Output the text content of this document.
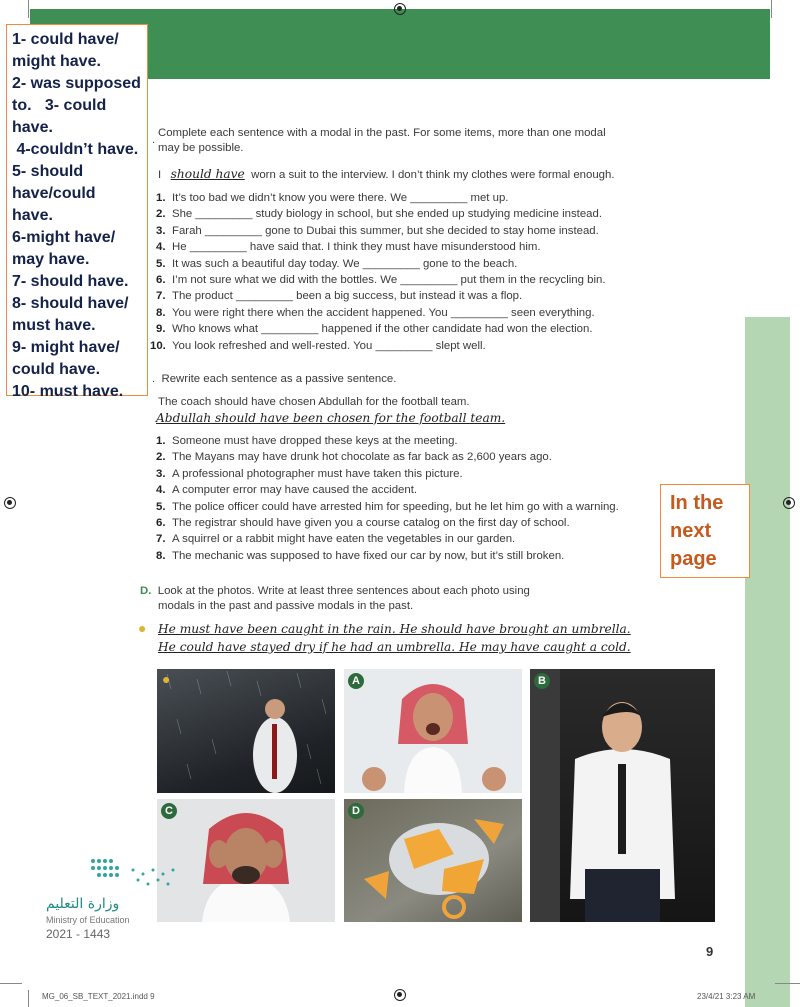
1- could have/
might have.
2- was supposed
to.   3- could
have.
4-couldn’t have.
5- should
have/could
have.
6-might have/
may have.
7- should have.
8- should have/
must have.
9- might have/
could have.
10- must have.
Complete each sentence with a modal in the past. For some items, more than one modal
may be possible.
.
I should have worn a suit to the interview. I don’t think my clothes were formal enough.
1. It’s too bad we didn’t know you were there. We _________ met up.
2. She _________ study biology in school, but she ended up studying medicine instead.
3. Farah _________ gone to Dubai this summer, but she decided to stay home instead.
4. He _________ have said that. I think they must have misunderstood him.
5. It was such a beautiful day today. We _________ gone to the beach.
6. I’m not sure what we did with the bottles. We _________ put them in the recycling bin.
7. The product _________ been a big success, but instead it was a flop.
8. You were right there when the accident happened. You _________ seen everything.
9. Who knows what _________ happened if the other candidate had won the election.
10. You look refreshed and well-rested. You _________ slept well.
.  Rewrite each sentence as a passive sentence.
The coach should have chosen Abdullah for the football team.
Abdullah should have been chosen for the football team.
1. Someone must have dropped these keys at the meeting.
2. The Mayans may have drunk hot chocolate as far back as 2,600 years ago.
3. A professional photographer must have taken this picture.
4. A computer error may have caused the accident.
5. The police officer could have arrested him for speeding, but he let him go with a warning.
6. The registrar should have given you a course catalog on the first day of school.
7. A squirrel or a rabbit might have eaten the vegetables in our garden.
8. The mechanic was supposed to have fixed our car by now, but it’s still broken.
In the
next
page
D. Look at the photos. Write at least three sentences about each photo using
modals in the past and passive modals in the past.
● He must have been caught in the rain. He should have brought an umbrella.
He could have stayed dry if he had an umbrella. He may have caught a cold.
●	A	B
C	D
وزارة التعليم
Ministry of Education
2021 - 1443
9
MG_06_SB_TEXT_2021.indd 9	23/4/21 3:23 AM
